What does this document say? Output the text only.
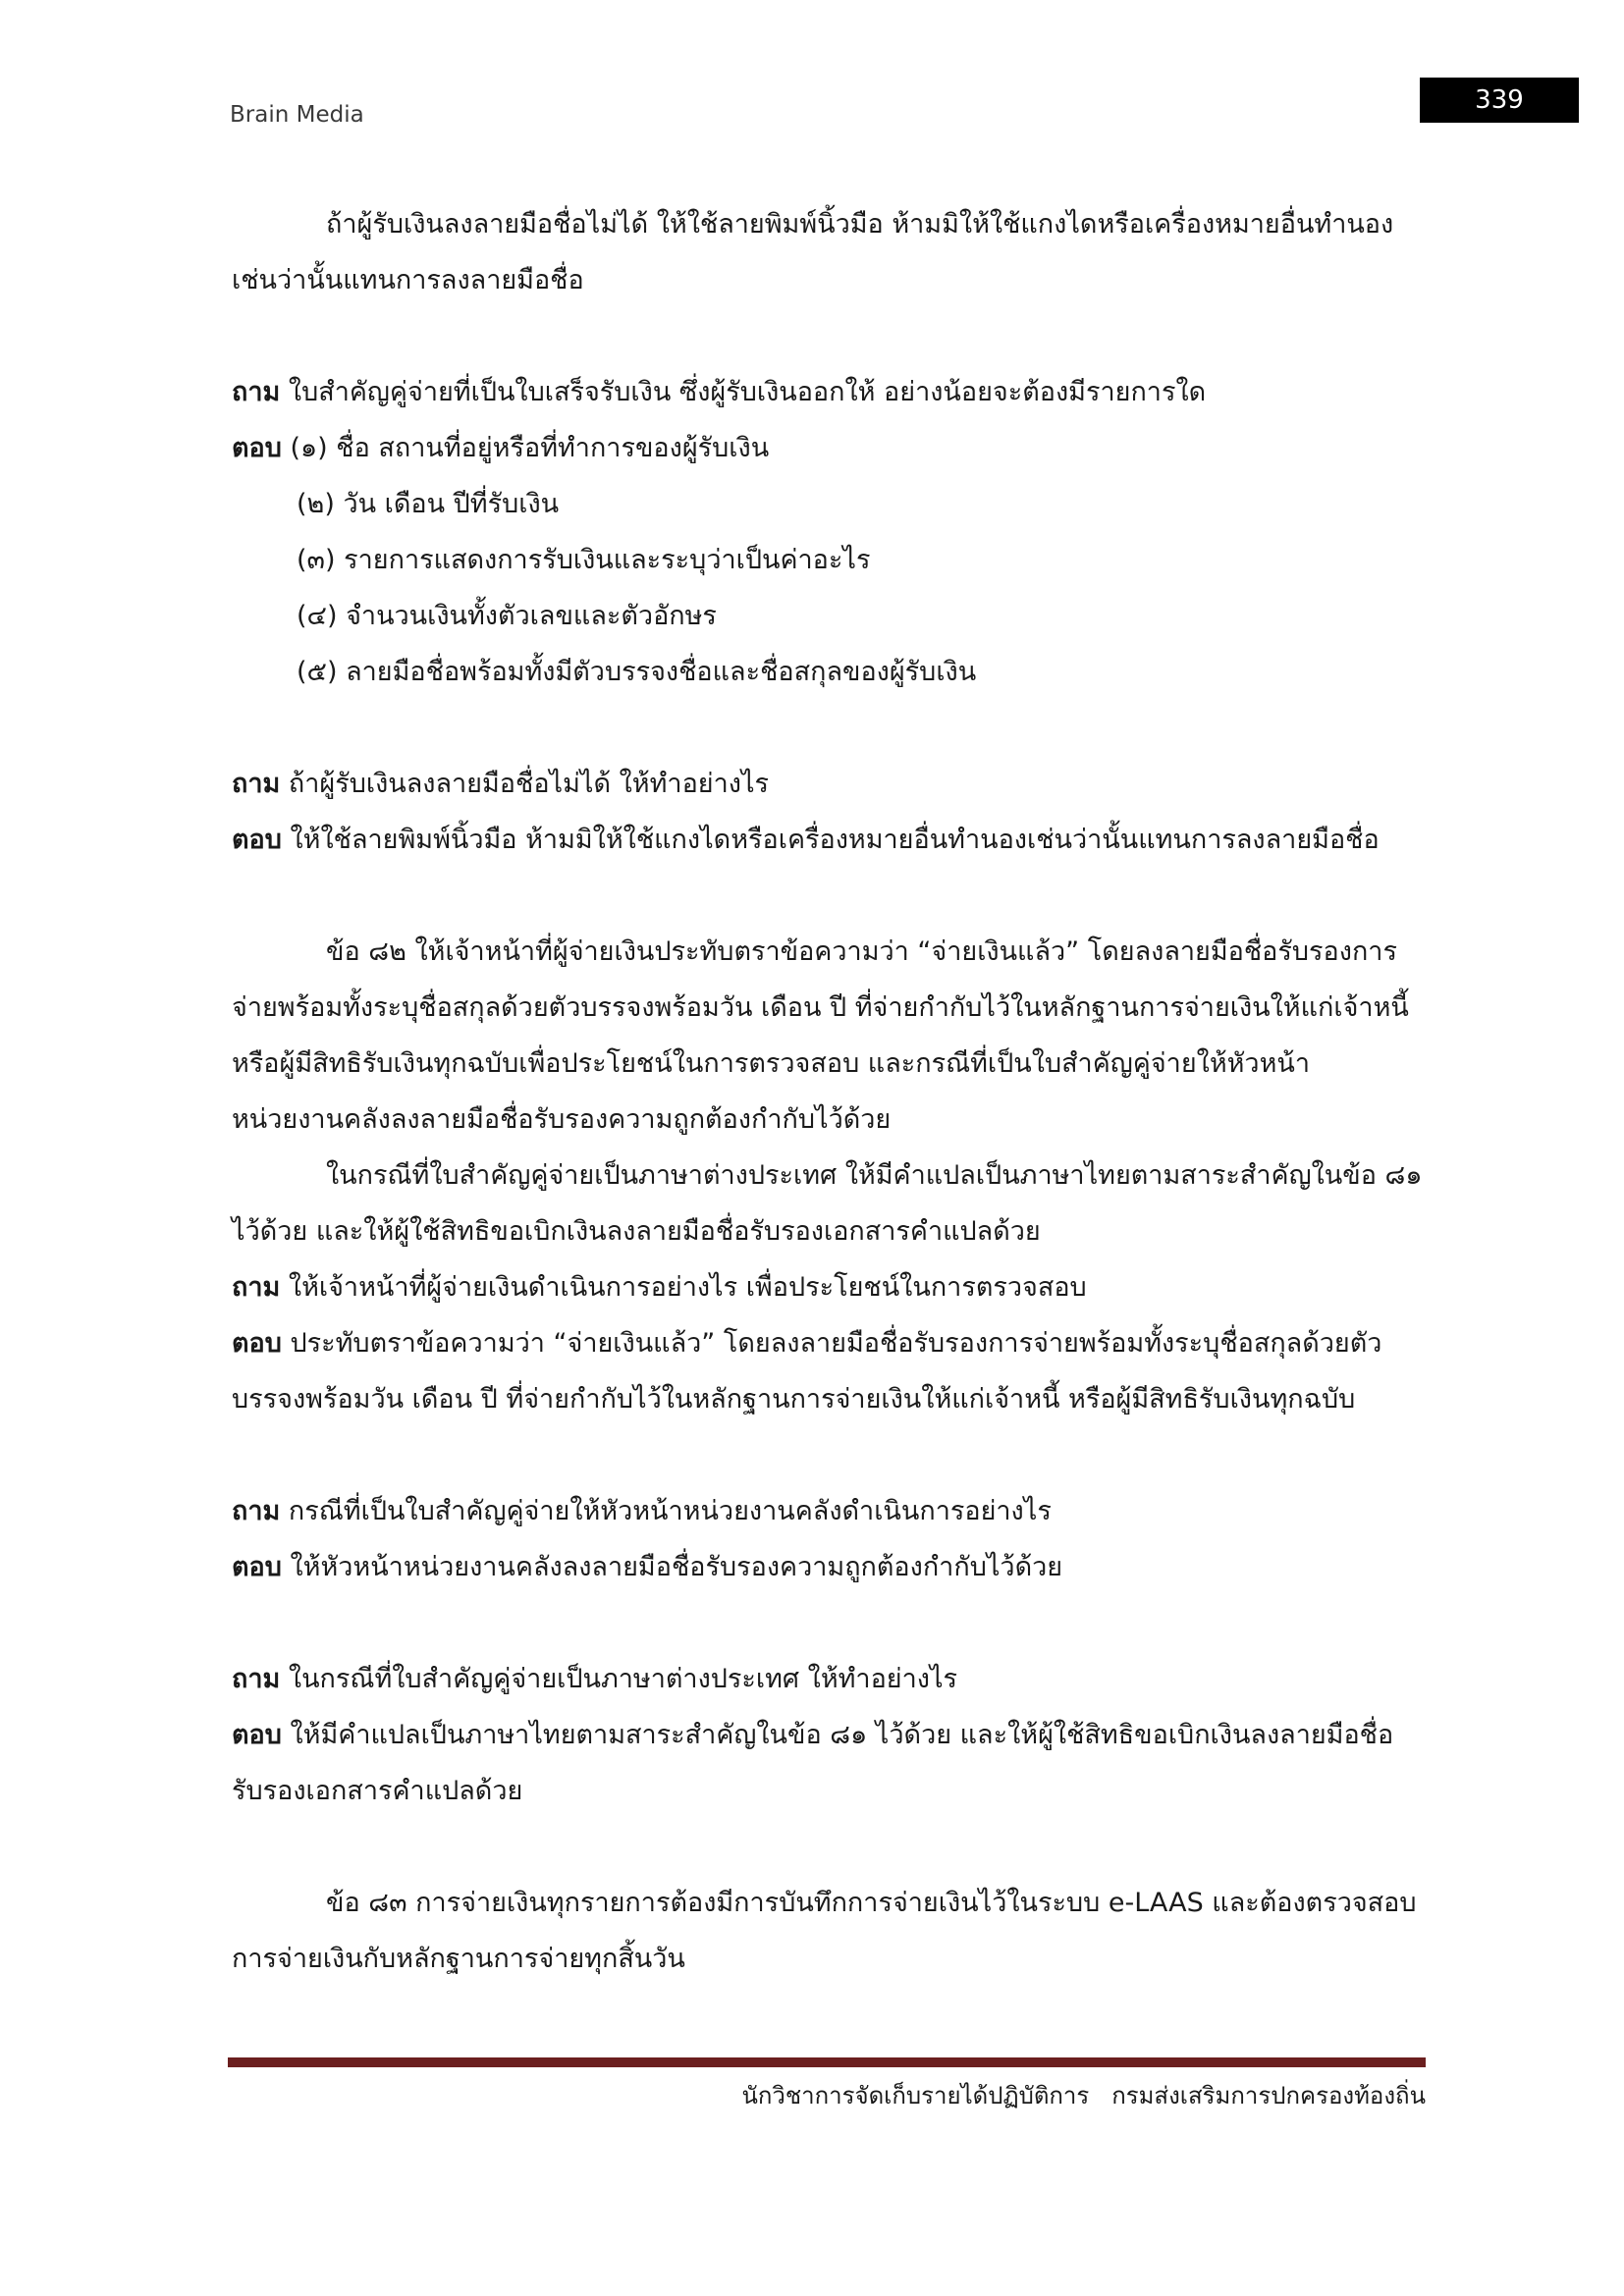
Brain Media	339
ถ้าผู้รับเงินลงลายมือชื่อไม่ได้ ให้ใช้ลายพิมพ์นิ้วมือ ห้ามมิให้ใช้แกงไดหรือเครื่องหมายอื่นทำนอง
เช่นว่านั้นแทนการลงลายมือชื่อ
ถาม ใบสำคัญคู่จ่ายที่เป็นใบเสร็จรับเงิน ซึ่งผู้รับเงินออกให้ อย่างน้อยจะต้องมีรายการใด
ตอบ (๑) ชื่อ สถานที่อยู่หรือที่ทำการของผู้รับเงิน
(๒) วัน เดือน ปีที่รับเงิน
(๓) รายการแสดงการรับเงินและระบุว่าเป็นค่าอะไร
(๔) จำนวนเงินทั้งตัวเลขและตัวอักษร
(๕) ลายมือชื่อพร้อมทั้งมีตัวบรรจงชื่อและชื่อสกุลของผู้รับเงิน
ถาม ถ้าผู้รับเงินลงลายมือชื่อไม่ได้ ให้ทำอย่างไร
ตอบ ให้ใช้ลายพิมพ์นิ้วมือ ห้ามมิให้ใช้แกงไดหรือเครื่องหมายอื่นทำนองเช่นว่านั้นแทนการลงลายมือชื่อ
ข้อ ๘๒ ให้เจ้าหน้าที่ผู้จ่ายเงินประทับตราข้อความว่า “จ่ายเงินแล้ว” โดยลงลายมือชื่อรับรองการ
จ่ายพร้อมทั้งระบุชื่อสกุลด้วยตัวบรรจงพร้อมวัน เดือน ปี ที่จ่ายกำกับไว้ในหลักฐานการจ่ายเงินให้แก่เจ้าหนี้
หรือผู้มีสิทธิรับเงินทุกฉบับเพื่อประโยชน์ในการตรวจสอบ และกรณีที่เป็นใบสำคัญคู่จ่ายให้หัวหน้า
หน่วยงานคลังลงลายมือชื่อรับรองความถูกต้องกำกับไว้ด้วย
ในกรณีที่ใบสำคัญคู่จ่ายเป็นภาษาต่างประเทศ ให้มีคำแปลเป็นภาษาไทยตามสาระสำคัญในข้อ ๘๑
ไว้ด้วย และให้ผู้ใช้สิทธิขอเบิกเงินลงลายมือชื่อรับรองเอกสารคำแปลด้วย
ถาม ให้เจ้าหน้าที่ผู้จ่ายเงินดำเนินการอย่างไร เพื่อประโยชน์ในการตรวจสอบ
ตอบ ประทับตราข้อความว่า “จ่ายเงินแล้ว” โดยลงลายมือชื่อรับรองการจ่ายพร้อมทั้งระบุชื่อสกุลด้วยตัว
บรรจงพร้อมวัน เดือน ปี ที่จ่ายกำกับไว้ในหลักฐานการจ่ายเงินให้แก่เจ้าหนี้ หรือผู้มีสิทธิรับเงินทุกฉบับ
ถาม กรณีที่เป็นใบสำคัญคู่จ่ายให้หัวหน้าหน่วยงานคลังดำเนินการอย่างไร
ตอบ ให้หัวหน้าหน่วยงานคลังลงลายมือชื่อรับรองความถูกต้องกำกับไว้ด้วย
ถาม ในกรณีที่ใบสำคัญคู่จ่ายเป็นภาษาต่างประเทศ ให้ทำอย่างไร
ตอบ ให้มีคำแปลเป็นภาษาไทยตามสาระสำคัญในข้อ ๘๑ ไว้ด้วย และให้ผู้ใช้สิทธิขอเบิกเงินลงลายมือชื่อ
รับรองเอกสารคำแปลด้วย
ข้อ ๘๓ การจ่ายเงินทุกรายการต้องมีการบันทึกการจ่ายเงินไว้ในระบบ e-LAAS และต้องตรวจสอบ
การจ่ายเงินกับหลักฐานการจ่ายทุกสิ้นวัน
นักวิชาการจัดเก็บรายได้ปฏิบัติการ   กรมส่งเสริมการปกครองท้องถิ่น
